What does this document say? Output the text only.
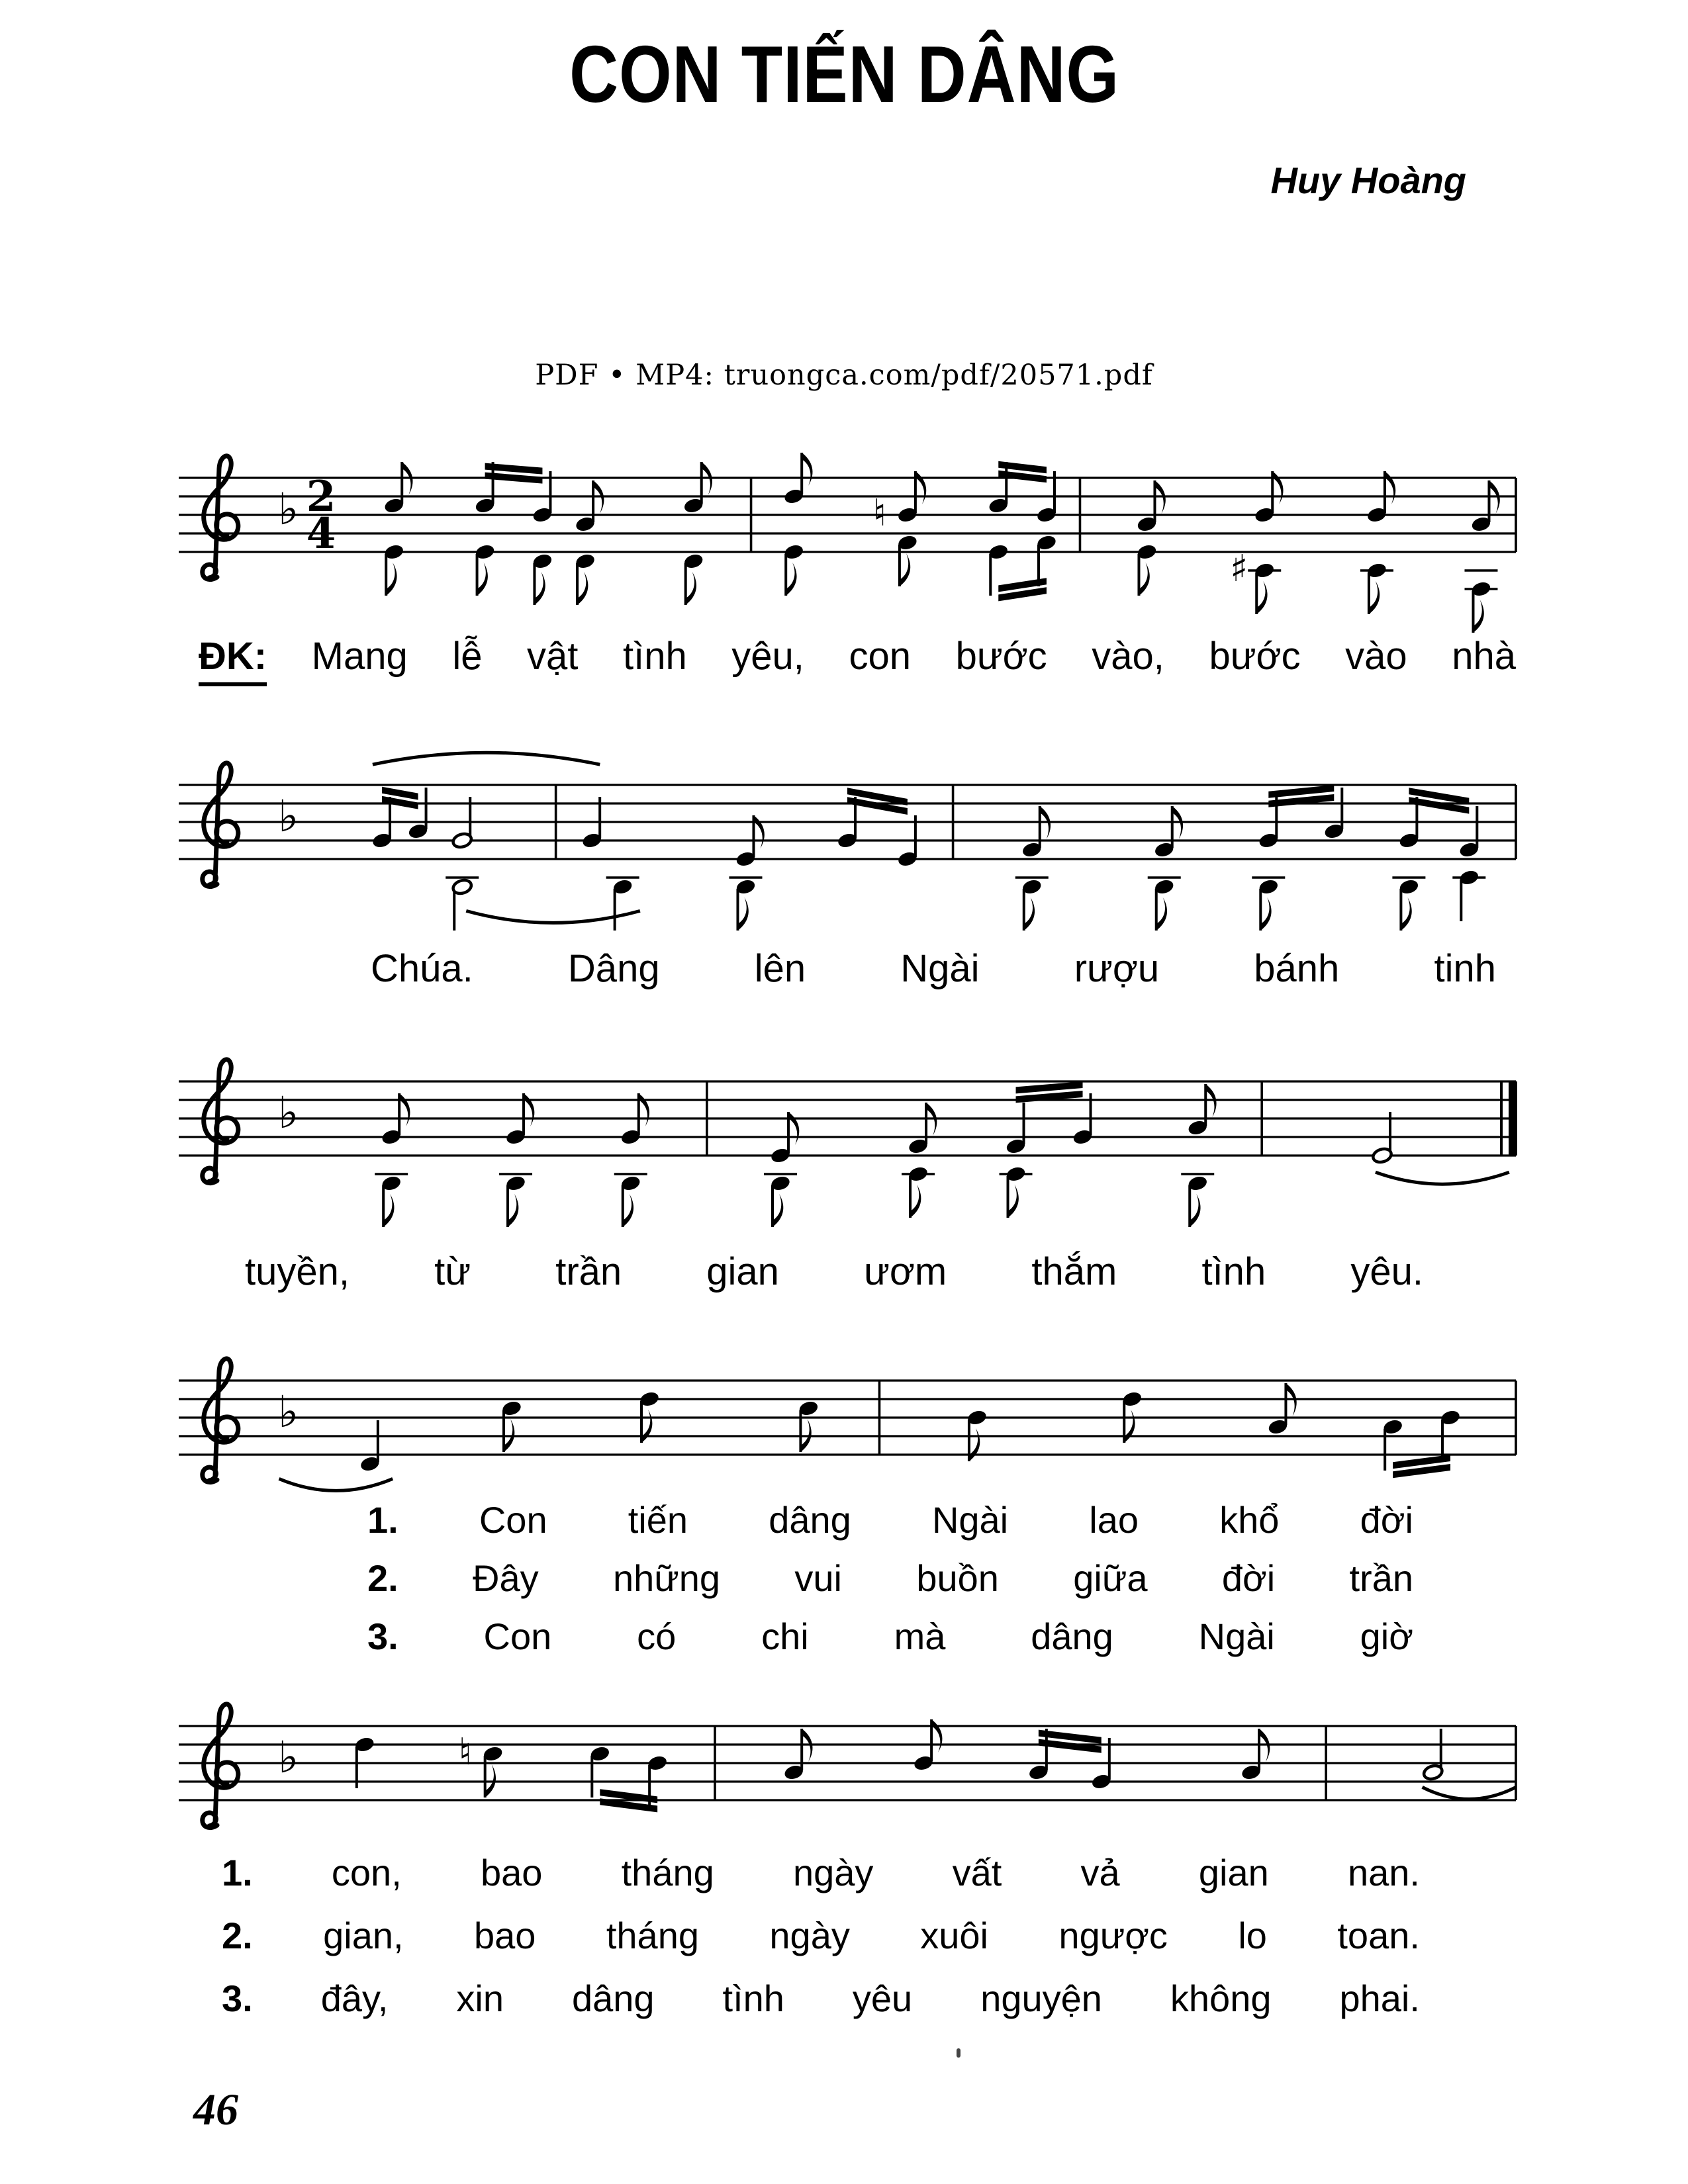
CON TIẾN DÂNG
Huy Hoàng
PDF • MP4: truongca.com/pdf/20571.pdf
♭ 2
4	♮
♯
♭
♭
♭
♭	♮
ĐK: Mang lễ vật tình yêu, con bước vào, bước vào nhà
Chúa. Dâng lên Ngài rượu bánh tinh
tuyền, từ trần gian ươm thắm tình yêu.
1. Con tiến dâng Ngài lao khổ đời
2. Đây những vui buồn giữa đời trần
3. Con có chi mà dâng Ngài giờ
1. con, bao tháng ngày vất vả gian nan.
2. gian, bao tháng ngày xuôi ngược lo toan.
3. đây, xin dâng tình yêu nguyện không phai.
46
